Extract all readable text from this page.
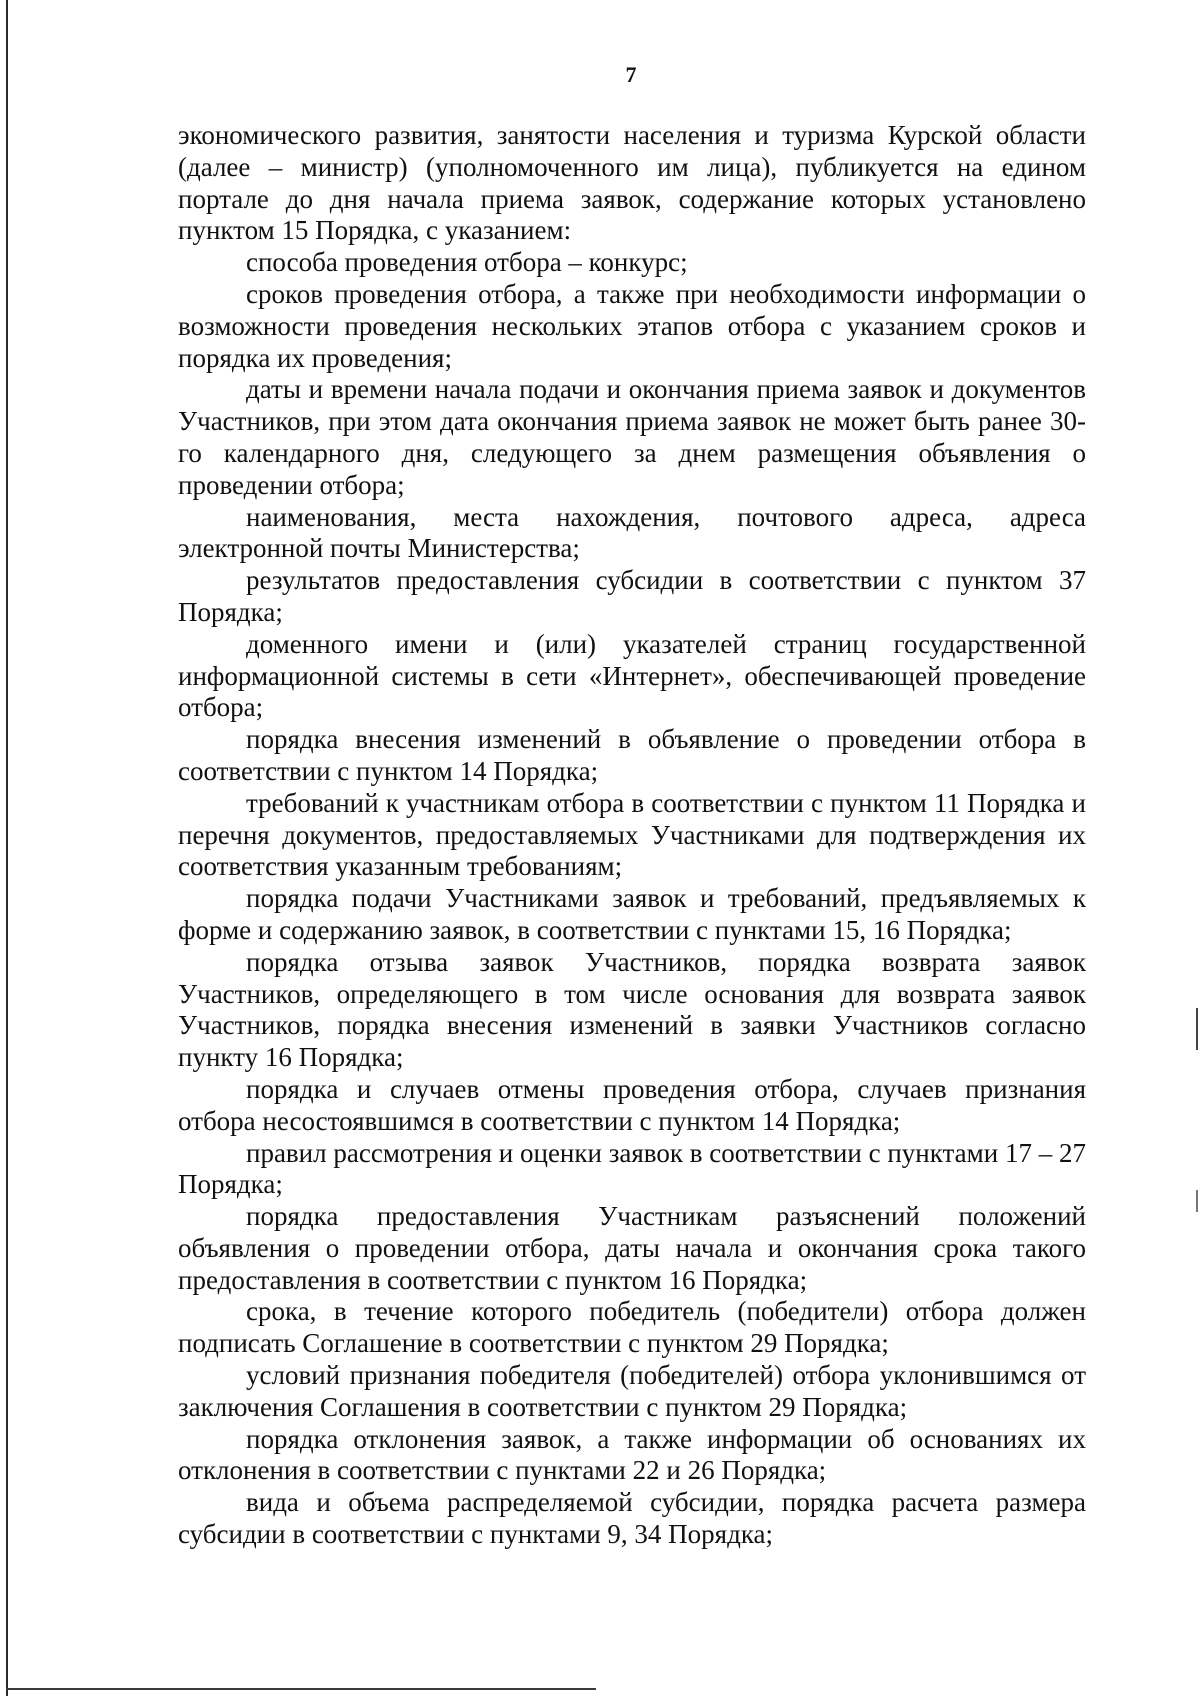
7

экономического развития, занятости населения и туризма Курской области (далее – министр) (уполномоченного им лица), публикуется на едином портале до дня начала приема заявок, содержание которых установлено пунктом 15 Порядка, с указанием:

способа проведения отбора – конкурс;

сроков проведения отбора, а также при необходимости информации о возможности проведения нескольких этапов отбора с указанием сроков и порядка их проведения;

даты и времени начала подачи и окончания приема заявок и документов Участников, при этом дата окончания приема заявок не может быть ранее 30-го календарного дня, следующего за днем размещения объявления о проведении отбора;

наименования, места нахождения, почтового адреса, адреса электронной почты Министерства;

результатов предоставления субсидии в соответствии с пунктом 37 Порядка;

доменного имени и (или) указателей страниц государственной информационной системы в сети «Интернет», обеспечивающей проведение отбора;

порядка внесения изменений в объявление о проведении отбора в соответствии с пунктом 14 Порядка;

требований к участникам отбора в соответствии с пунктом 11 Порядка и перечня документов, предоставляемых Участниками для подтверждения их соответствия указанным требованиям;

порядка подачи Участниками заявок и требований, предъявляемых к форме и содержанию заявок, в соответствии с пунктами 15, 16 Порядка;

порядка отзыва заявок Участников, порядка возврата заявок Участников, определяющего в том числе основания для возврата заявок Участников, порядка внесения изменений в заявки Участников согласно пункту 16 Порядка;

порядка и случаев отмены проведения отбора, случаев признания отбора несостоявшимся в соответствии с пунктом 14 Порядка;

правил рассмотрения и оценки заявок в соответствии с пунктами 17 – 27 Порядка;

порядка предоставления Участникам разъяснений положений объявления о проведении отбора, даты начала и окончания срока такого предоставления в соответствии с пунктом 16 Порядка;

срока, в течение которого победитель (победители) отбора должен подписать Соглашение в соответствии с пунктом 29 Порядка;

условий признания победителя (победителей) отбора уклонившимся от заключения Соглашения в соответствии с пунктом 29 Порядка;

порядка отклонения заявок, а также информации об основаниях их отклонения в соответствии с пунктами 22 и 26 Порядка;

вида и объема распределяемой субсидии, порядка расчета размера субсидии в соответствии с пунктами 9, 34 Порядка;
